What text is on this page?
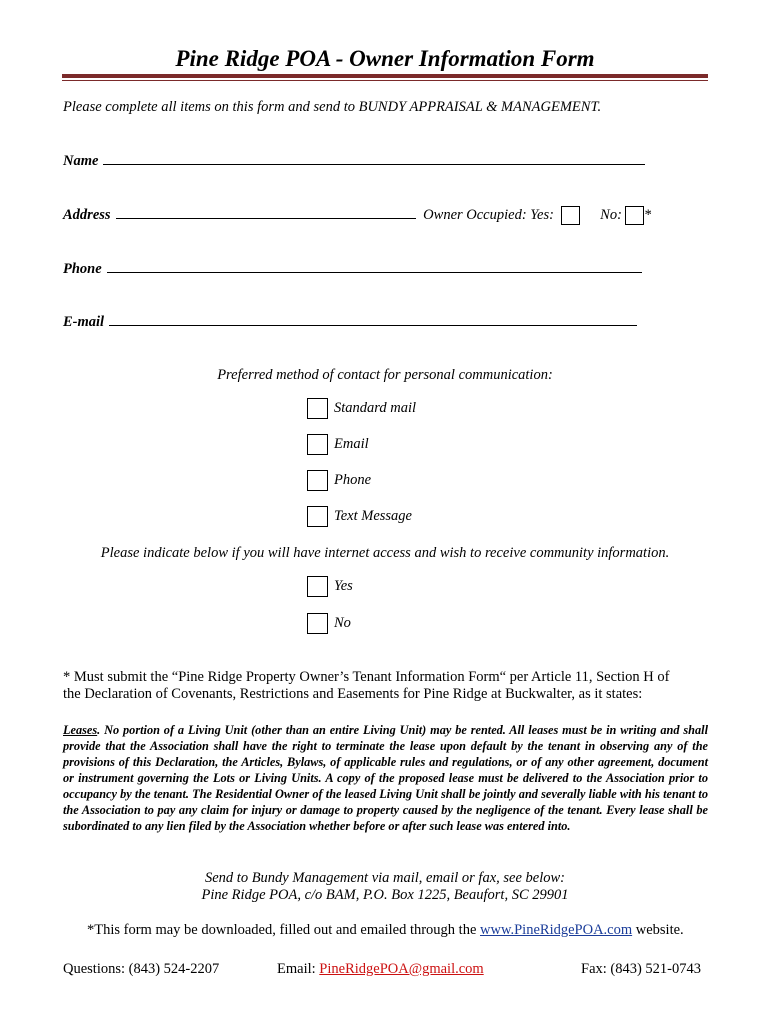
Pine Ridge POA - Owner Information Form
Please complete all items on this form and send to BUNDY APPRAISAL & MANAGEMENT.
Name
Address	Owner Occupied: Yes:	No: *
Phone
E-mail
Preferred method of contact for personal communication:
Standard mail
Email
Phone
Text Message
Please indicate below if you will have internet access and wish to receive community information.
Yes
No
* Must submit the “Pine Ridge Property Owner’s Tenant Information Form“ per Article 11, Section H of
the Declaration of Covenants, Restrictions and Easements for Pine Ridge at Buckwalter, as it states:
Leases. No portion of a Living Unit (other than an entire Living Unit) may be rented. All leases must be in writing and shall provide that the Association shall have the right to terminate the lease upon default by the tenant in observing any of the provisions of this Declaration, the Articles, Bylaws, of applicable rules and regulations, or of any other agreement, document or instrument governing the Lots or Living Units. A copy of the proposed lease must be delivered to the Association prior to occupancy by the tenant. The Residential Owner of the leased Living Unit shall be jointly and severally liable with his tenant to the Association to pay any claim for injury or damage to property caused by the negligence of the tenant. Every lease shall be subordinated to any lien filed by the Association whether before or after such lease was entered into.
Send to Bundy Management via mail, email or fax, see below:
Pine Ridge POA, c/o BAM, P.O. Box 1225, Beaufort, SC 29901
*This form may be downloaded, filled out and emailed through the www.PineRidgePOA.com website.
Questions: (843) 524-2207	Email: PineRidgePOA@gmail.com	Fax: (843) 521-0743
